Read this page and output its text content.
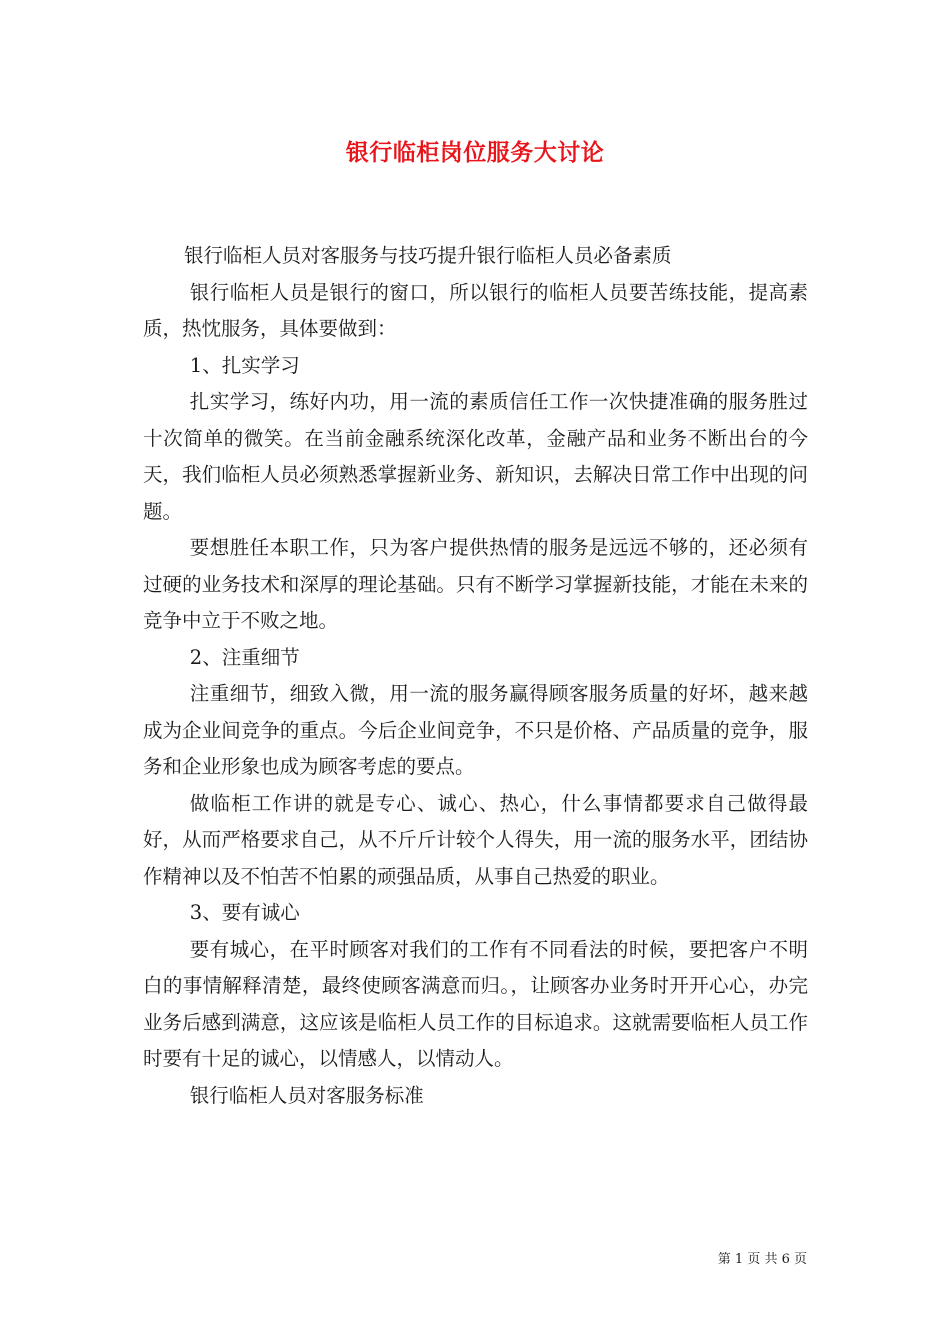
银行临柜岗位服务大讨论

银行临柜人员对客服务与技巧提升银行临柜人员必备素质

银行临柜人员是银行的窗口，所以银行的临柜人员要苦练技能，提高素质，热忱服务，具体要做到：

1、扎实学习

扎实学习，练好内功，用一流的素质信任工作一次快捷准确的服务胜过十次简单的微笑。在当前金融系统深化改革，金融产品和业务不断出台的今天，我们临柜人员必须熟悉掌握新业务、新知识，去解决日常工作中出现的问题。

要想胜任本职工作，只为客户提供热情的服务是远远不够的，还必须有过硬的业务技术和深厚的理论基础。只有不断学习掌握新技能，才能在未来的竞争中立于不败之地。

2、注重细节

注重细节，细致入微，用一流的服务赢得顾客服务质量的好坏，越来越成为企业间竞争的重点。今后企业间竞争，不只是价格、产品质量的竞争，服务和企业形象也成为顾客考虑的要点。

做临柜工作讲的就是专心、诚心、热心，什么事情都要求自己做得最好，从而严格要求自己，从不斤斤计较个人得失，用一流的服务水平，团结协作精神以及不怕苦不怕累的顽强品质，从事自己热爱的职业。

3、要有诚心

要有城心，在平时顾客对我们的工作有不同看法的时候，要把客户不明白的事情解释清楚，最终使顾客满意而归。，让顾客办业务时开开心心，办完业务后感到满意，这应该是临柜人员工作的目标追求。这就需要临柜人员工作时要有十足的诚心，以情感人，以情动人。

银行临柜人员对客服务标准

第 1 页 共 6 页
